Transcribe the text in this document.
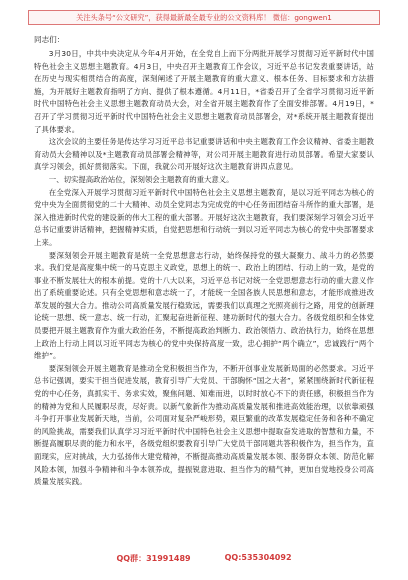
关注头条号“公文研究”，获得最新最全最专业的公文资料库！ 微信：gongwen1

同志们：

3月30日，中共中央决定从今年4月开始，在全党自上而下分两批开展学习贯彻习近平新时代中国特色社会主义思想主题教育。4月3日，中央召开主题教育工作会议，习近平总书记发表重要讲话，站在历史与现实相贯结合的高度，深刻阐述了开展主题教育的重大意义、根本任务、目标要求和方法措施，为开展好主题教育指明了方向、提供了根本遵循。4月11日，*省委召开了全省学习贯彻习近平新时代中国特色社会主义思想主题教育动员大会，对全省开展主题教育作了全面安排部署。4月19日，*召开了学习贯彻习近平新时代中国特色社会主义思想主题教育动员部署会，对*系统开展主题教育提出了具体要求。

这次会议的主要任务是传达学习习近平总书记重要讲话和中央主题教育工作会议精神、省委主题教育动员大会精神以及*主题教育动员部署会精神等，对公司开展主题教育进行动员部署。希望大家要认真学习领会，抓好贯彻落实。下面，我就公司开展好这次主题教育讲四点意见。

一、切实提高政治站位，深刻领会主题教育的重大意义。

在全党深入开展学习贯彻习近平新时代中国特色社会主义思想主题教育，是以习近平同志为核心的党中央为全面贯彻党的二十大精神、动员全党同志为完成党的中心任务而团结奋斗所作的重大部署，是深入推进新时代党的建设新的伟大工程的重大部署。开展好这次主题教育，我们要深刻学习领会习近平总书记重要讲话精神，把握精神实质，自觉把思想和行动统一到以习近平同志为核心的党中央部署要求上来。

要深刻领会开展主题教育是统一全党思想意志行动，始终保持党的强大凝聚力、战斗力的必然要求。我们党是高度集中统一的马克思主义政党，思想上的统一、政治上的团结、行动上的一致，是党的事业不断发展壮大的根本前提。党的十八大以来，习近平总书记对统一全党思想意志行动的重大意义作出了系统重要论述。只有全党思想和意志统一了，才能统一全国各族人民思想和意志，才能形成推进改革发展的强大合力。推动公司高质量发展行稳致远，需要我们以真理之光照亮前行之路，用党的创新理论统一思想、统一意志、统一行动，汇聚起奋进新征程、建功新时代的强大合力。各级党组织和全体党员要把开展主题教育作为重大政治任务，不断提高政治判断力、政治领悟力、政治执行力，始终在思想上政治上行动上同以习近平同志为核心的党中央保持高度一致，忠心拥护“两个确立”，忠诚践行“两个维护”。

要深刻领会开展主题教育是推动全党积极担当作为，不断开创事业发展新局面的必然要求。习近平总书记强调，要实干担当促进发展，教育引导广大党员、干部胸怀“国之大者”，紧紧围绕新时代新征程党的中心任务，真抓实干、务求实效，聚焦问题、知难而进，以时时放心不下的责任感，积极担当作为的精神为党和人民履职尽责，尽好责。以新气象新作为推动高质量发展和推进高效能治理，以依靠顽强斗争打开事业发展新天地，当前，公司面对复杂严峻形势，艰巨繁重的改革发展稳定任务和各种不确定的风险挑战，需要我们认真学习习近平新时代中国特色社会主义思想中提取奋发进取的智慧和力量，不断提高履职尽责的能力和水平，各级党组织要教育引导广大党员干部同题共答积极作为，担当作为，直面现实，应对挑战，大力弘扬伟大建党精神，不断提高推动高质量发展本领、服务群众本领、防范化解风险本领，加强斗争精神和斗争本领养成，提振锐意进取、担当作为的精气神，更加自觉地投身公司高质量发展实践。

QQ群：31991489	QQ:535304092
